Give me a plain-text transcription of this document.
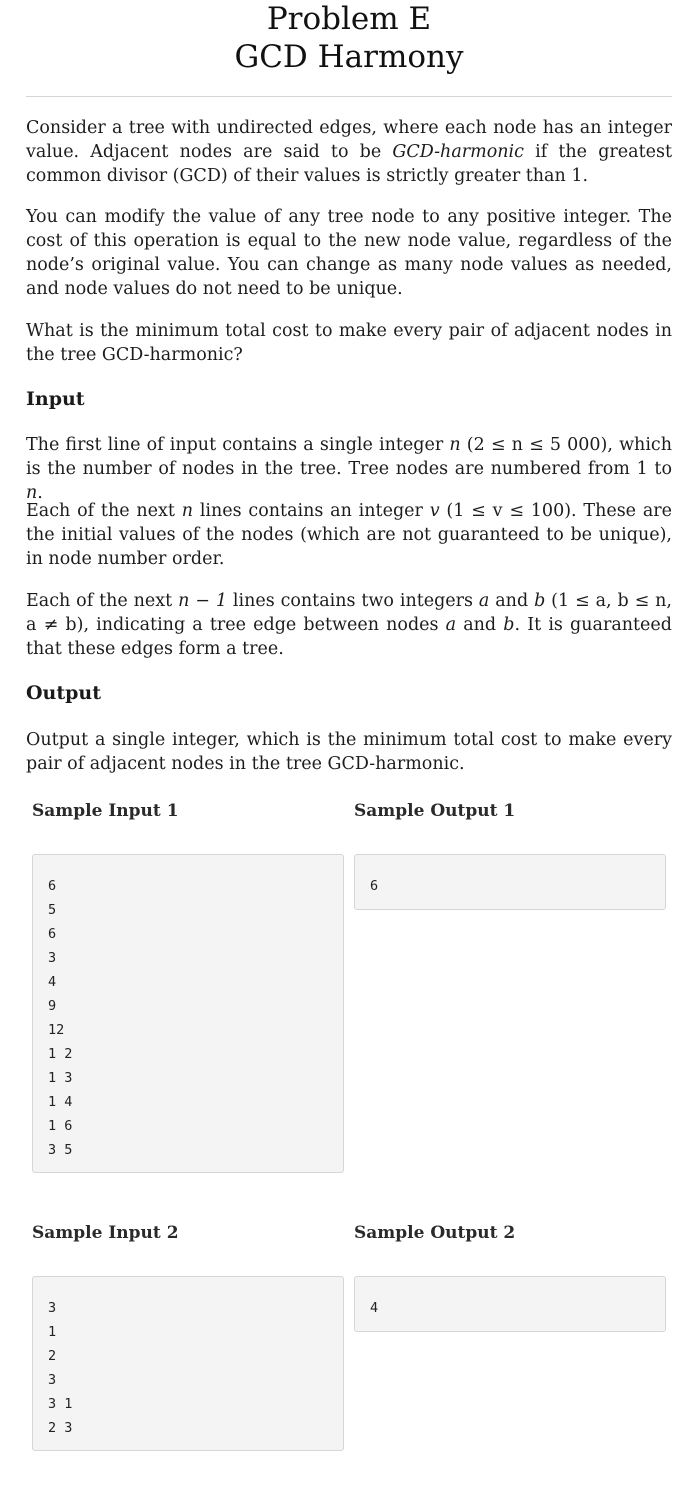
Problem E
GCD Harmony
Consider a tree with undirected edges, where each node has an integer value. Adjacent nodes are said to be GCD-harmonic if the greatest common divisor (GCD) of their values is strictly greater than 1.
You can modify the value of any tree node to any positive integer. The cost of this operation is equal to the new node value, regardless of the node’s original value. You can change as many node values as needed, and node values do not need to be unique.
What is the minimum total cost to make every pair of adjacent nodes in the tree GCD-harmonic?
Input
The first line of input contains a single integer n (2 ≤ n ≤ 5 000), which is the number of nodes in the tree. Tree nodes are numbered from 1 to n.
Each of the next n lines contains an integer v (1 ≤ v ≤ 100). These are the initial values of the nodes (which are not guaranteed to be unique), in node number order.
Each of the next n − 1 lines contains two integers a and b (1 ≤ a, b ≤ n, a ≠ b), indicating a tree edge between nodes a and b. It is guaranteed that these edges form a tree.
Output
Output a single integer, which is the minimum total cost to make every pair of adjacent nodes in the tree GCD-harmonic.
Sample Input 1	Sample Output 1
6
5
6
3
4
9
12
1 2
1 3
1 4
1 6
3 5
6
Sample Input 2	Sample Output 2
3
1
2
3
3 1
2 3
4
